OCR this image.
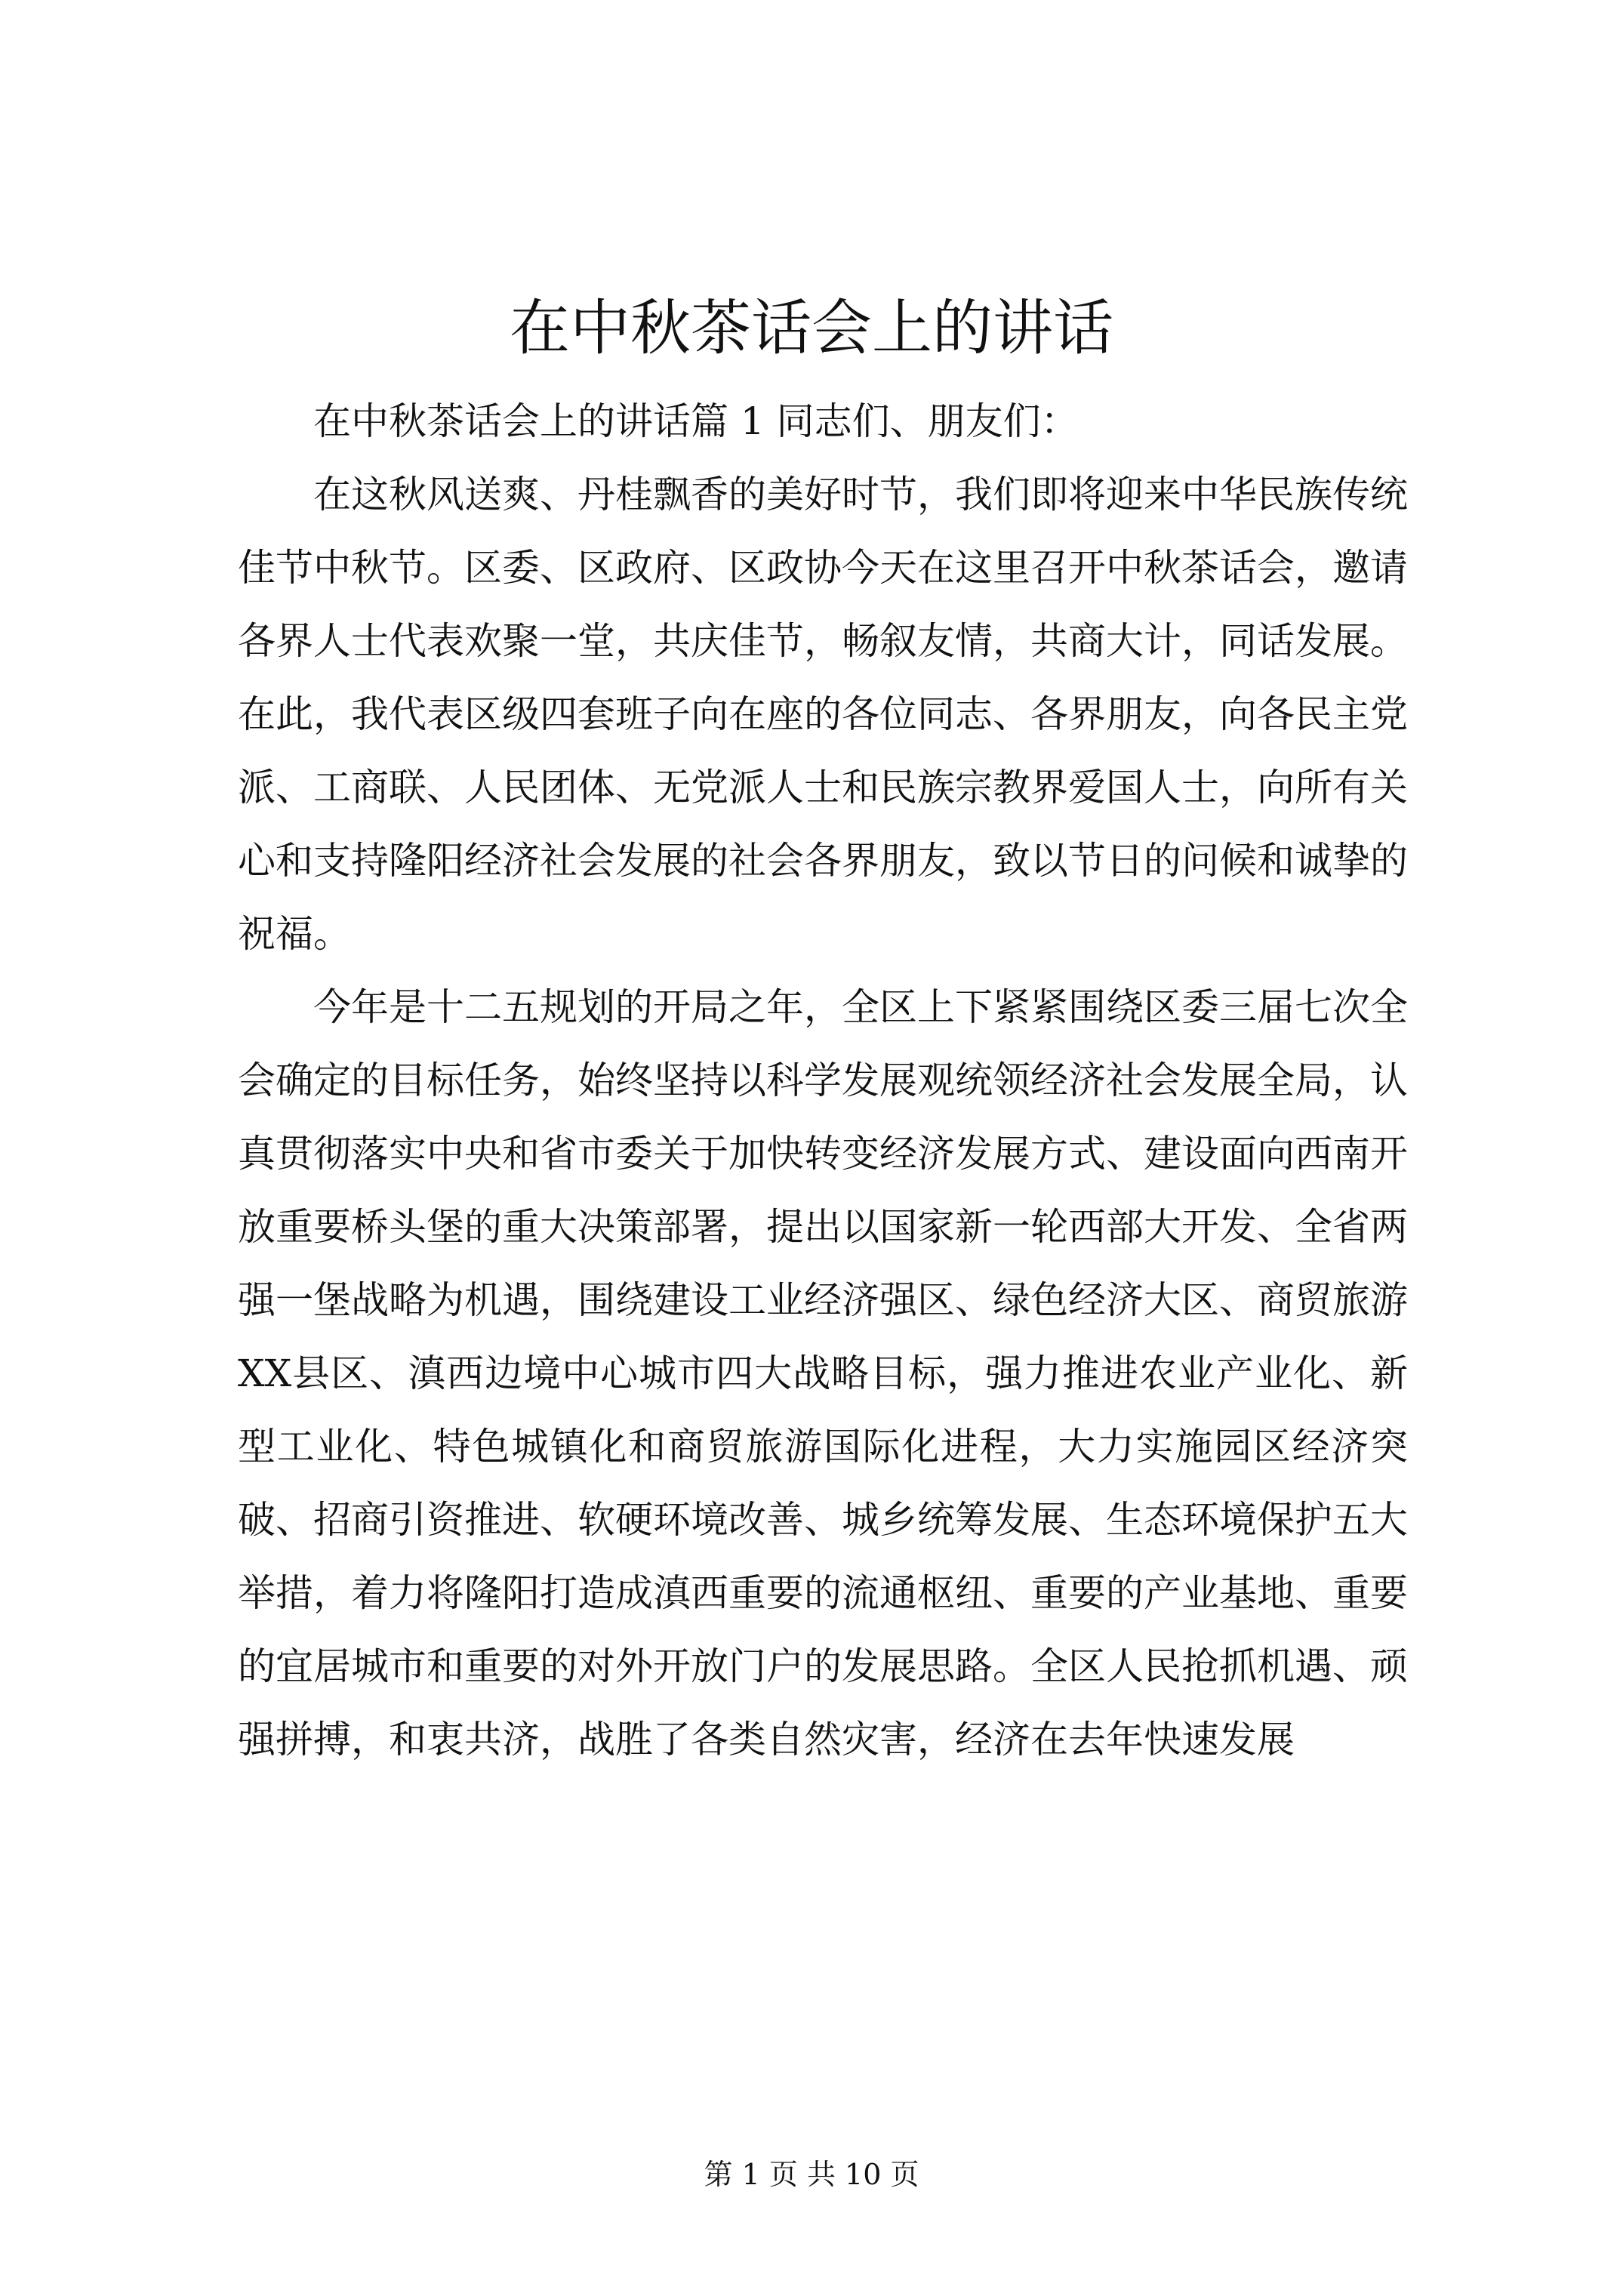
在中秋茶话会上的讲话

在中秋茶话会上的讲话篇 1 同志们、朋友们：

在这秋风送爽、丹桂飘香的美好时节，我们即将迎来中华民族传统佳节中秋节。区委、区政府、区政协今天在这里召开中秋茶话会，邀请各界人士代表欢聚一堂，共庆佳节，畅叙友情，共商大计，同话发展。在此，我代表区级四套班子向在座的各位同志、各界朋友，向各民主党派、工商联、人民团体、无党派人士和民族宗教界爱国人士，向所有关心和支持隆阳经济社会发展的社会各界朋友，致以节日的问候和诚挚的祝福。

今年是十二五规划的开局之年，全区上下紧紧围绕区委三届七次全会确定的目标任务，始终坚持以科学发展观统领经济社会发展全局，认真贯彻落实中央和省市委关于加快转变经济发展方式、建设面向西南开放重要桥头堡的重大决策部署，提出以国家新一轮西部大开发、全省两强一堡战略为机遇，围绕建设工业经济强区、绿色经济大区、商贸旅游XX县区、滇西边境中心城市四大战略目标，强力推进农业产业化、新型工业化、特色城镇化和商贸旅游国际化进程，大力实施园区经济突破、招商引资推进、软硬环境改善、城乡统筹发展、生态环境保护五大举措，着力将隆阳打造成滇西重要的流通枢纽、重要的产业基地、重要的宜居城市和重要的对外开放门户的发展思路。全区人民抢抓机遇、顽强拼搏，和衷共济，战胜了各类自然灾害，经济在去年快速发展

第 1 页 共 10 页
